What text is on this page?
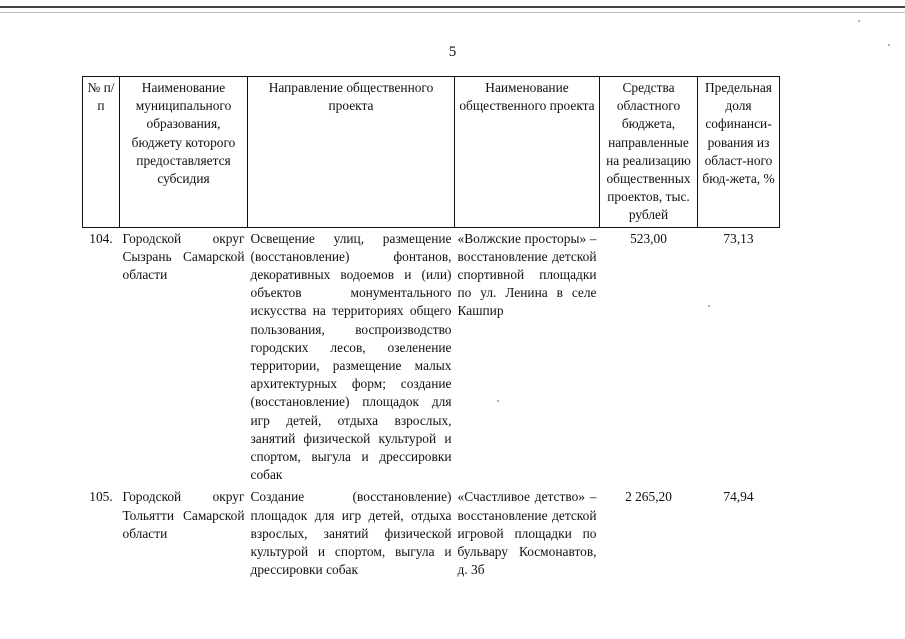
5
№ п/п	Наименование муниципального образования, бюджету которого предоставляется субсидия	Направление общественного проекта	Наименование общественного проекта	Средства областного бюджета, направленные на реализацию общественных проектов, тыс. рублей	Предельная доля софинанси-рования из област-ного бюд-жета, %
104.	Городской округ Сызрань Самарской области	Освещение улиц, размещение (восстановление) фонтанов, декоративных водоемов и (или) объектов монументального искусства на территориях общего пользования, воспроизводство городских лесов, озеленение территории, размещение малых архитектурных форм; создание (восстановление) площадок для игр детей, отдыха взрослых, занятий физической культурой и спортом, выгула и дрессировки собак	«Волжские просторы» – восстановление детской спортивной площадки по ул. Ленина в селе Кашпир	523,00	73,13
105.	Городской округ Тольятти Самарской области	Создание (восстановление) площадок для игр детей, отдыха взрослых, занятий физической культурой и спортом, выгула и дрессировки собак	«Счастливое детство» – восстановление детской игровой площадки по бульвару Космонавтов, д. 3б	2 265,20	74,94
